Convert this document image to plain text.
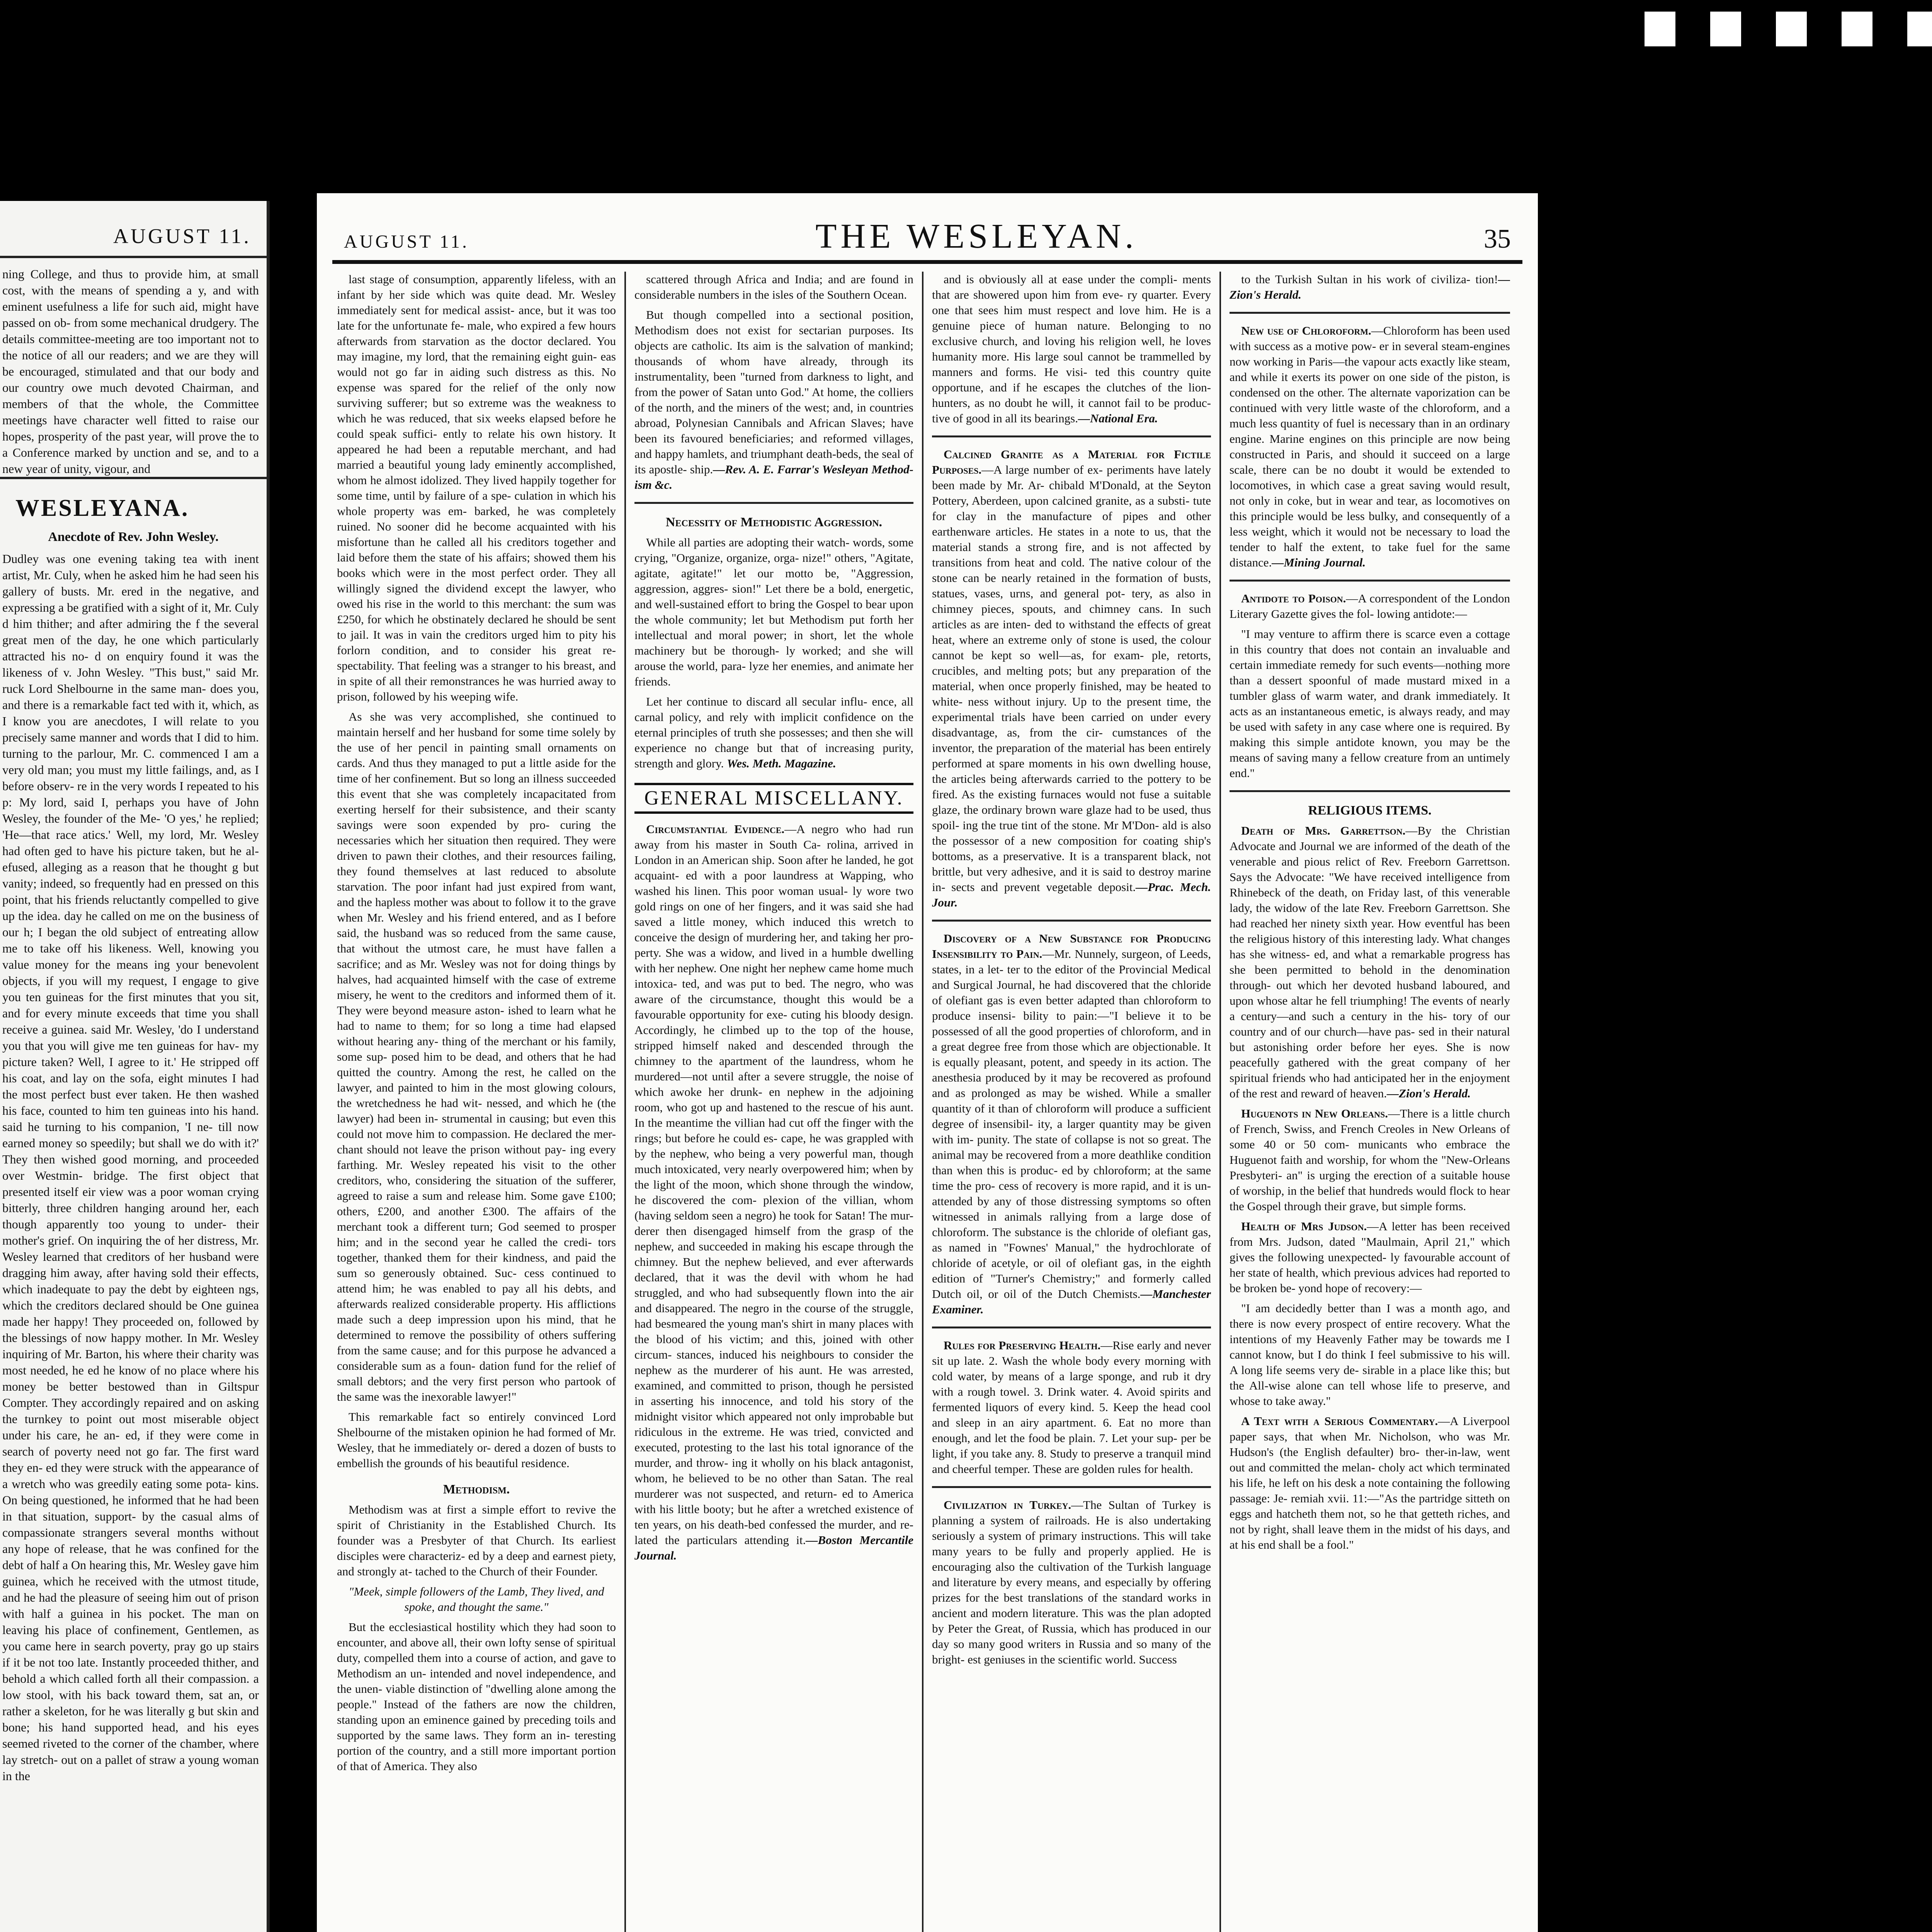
AUGUST 11.
ning College, and thus to provide him, at small cost, with the means of spending a y, and with eminent usefulness a life for such aid, might have passed on ob- from some mechanical drudgery. The details committee-meeting are too important not to the notice of all our readers; and we are they will be encouraged, stimulated and that our body and our country owe much devoted Chairman, and members of that the whole, the Committee meetings have character well fitted to raise our hopes, prosperity of the past year, will prove the to a Conference marked by unction and se, and to a new year of unity, vigour, and
WESLEYANA.
Anecdote of Rev. John Wesley.
Dudley was one evening taking tea with inent artist, Mr. Culy, when he asked him he had seen his gallery of busts. Mr. ered in the negative, and expressing a be gratified with a sight of it, Mr. Culy d him thither; and after admiring the f the several great men of the day, he one which particularly attracted his no- d on enquiry found it was the likeness of v. John Wesley. "This bust," said Mr. ruck Lord Shelbourne in the same man- does you, and there is a remarkable fact ted with it, which, as I know you are anecdotes, I will relate to you precisely same manner and words that I did to him. turning to the parlour, Mr. C. commenced I am a very old man; you must my little failings, and, as I before observ- re in the very words I repeated to his p: My lord, said I, perhaps you have of John Wesley, the founder of the Me- 'O yes,' he replied; 'He—that race atics.' Well, my lord, Mr. Wesley had often ged to have his picture taken, but he al- efused, alleging as a reason that he thought g but vanity; indeed, so frequently had en pressed on this point, that his friends reluctantly compelled to give up the idea. day he called on me on the business of our h; I began the old subject of entreating allow me to take off his likeness. Well, knowing you value money for the means ing your benevolent objects, if you will my request, I engage to give you ten guineas for the first minutes that you sit, and for every minute exceeds that time you shall receive a guinea. said Mr. Wesley, 'do I understand you that you will give me ten guineas for hav- my picture taken? Well, I agree to it.' He stripped off his coat, and lay on the sofa, eight minutes I had the most perfect bust ever taken. He then washed his face, counted to him ten guineas into his hand. said he turning to his companion, 'I ne- till now earned money so speedily; but shall we do with it?' They then wished good morning, and proceeded over Westmin- bridge. The first object that presented itself eir view was a poor woman crying bitterly, three children hanging around her, each though apparently too young to under- their mother's grief. On inquiring the of her distress, Mr. Wesley learned that creditors of her husband were dragging him away, after having sold their effects, which inadequate to pay the debt by eighteen ngs, which the creditors declared should be One guinea made her happy! They proceeded on, followed by the blessings of now happy mother. In Mr. Wesley inquiring of Mr. Barton, his where their charity was most needed, he ed he know of no place where his money be better bestowed than in Giltspur Compter. They accordingly repaired and on asking the turnkey to point out most miserable object under his care, he an- ed, if they were come in search of poverty need not go far. The first ward they en- ed they were struck with the appearance of a wretch who was greedily eating some pota- kins. On being questioned, he informed that he had been in that situation, support- by the casual alms of compassionate strangers several months without any hope of release, that he was confined for the debt of half a On hearing this, Mr. Wesley gave him guinea, which he received with the utmost titude, and he had the pleasure of seeing him out of prison with half a guinea in his pocket. The man on leaving his place of confinement, Gentlemen, as you came here in search poverty, pray go up stairs if it be not too late. Instantly proceeded thither, and behold a which called forth all their compassion. a low stool, with his back toward them, sat an, or rather a skeleton, for he was literally g but skin and bone; his hand supported head, and his eyes seemed riveted to the corner of the chamber, where lay stretch- out on a pallet of straw a young woman in the
AUGUST 11.	THE WESLEYAN.	35

last stage of consumption, apparently lifeless, with an infant by her side which was quite dead. Mr. Wesley immediately sent for medical assist- ance, but it was too late for the unfortunate fe- male, who expired a few hours afterwards from starvation as the doctor declared. You may imagine, my lord, that the remaining eight guin- eas would not go far in aiding such distress as this. No expense was spared for the relief of the only now surviving sufferer; but so extreme was the weakness to which he was reduced, that six weeks elapsed before he could speak suffici- ently to relate his own history. It appeared he had been a reputable merchant, and had married a beautiful young lady eminently accomplished, whom he almost idolized. They lived happily together for some time, until by failure of a spe- culation in which his whole property was em- barked, he was completely ruined. No sooner did he become acquainted with his misfortune than he called all his creditors together and laid before them the state of his affairs; showed them his books which were in the most perfect order. They all willingly signed the dividend except the lawyer, who owed his rise in the world to this merchant: the sum was £250, for which he obstinately declared he should be sent to jail. It was in vain the creditors urged him to pity his forlorn condition, and to consider his great re- spectability. That feeling was a stranger to his breast, and in spite of all their remonstrances he was hurried away to prison, followed by his weeping wife.

As she was very accomplished, she continued to maintain herself and her husband for some time solely by the use of her pencil in painting small ornaments on cards. And thus they managed to put a little aside for the time of her confinement. But so long an illness succeeded this event that she was completely incapacitated from exerting herself for their subsistence, and their scanty savings were soon expended by pro- curing the necessaries which her situation then required. They were driven to pawn their clothes, and their resources failing, they found themselves at last reduced to absolute starvation. The poor infant had just expired from want, and the hapless mother was about to follow it to the grave when Mr. Wesley and his friend entered, and as I before said, the husband was so reduced from the same cause, that without the utmost care, he must have fallen a sacrifice; and as Mr. Wesley was not for doing things by halves, had acquainted himself with the case of extreme misery, he went to the creditors and informed them of it. They were beyond measure aston- ished to learn what he had to name to them; for so long a time had elapsed without hearing any- thing of the merchant or his family, some sup- posed him to be dead, and others that he had quitted the country. Among the rest, he called on the lawyer, and painted to him in the most glowing colours, the wretchedness he had wit- nessed, and which he (the lawyer) had been in- strumental in causing; but even this could not move him to compassion. He declared the mer- chant should not leave the prison without pay- ing every farthing. Mr. Wesley repeated his visit to the other creditors, who, considering the situation of the sufferer, agreed to raise a sum and release him. Some gave £100; others, £200, and another £300. The affairs of the merchant took a different turn; God seemed to prosper him; and in the second year he called the credi- tors together, thanked them for their kindness, and paid the sum so generously obtained. Suc- cess continued to attend him; he was enabled to pay all his debts, and afterwards realized considerable property. His afflictions made such a deep impression upon his mind, that he determined to remove the possibility of others suffering from the same cause; and for this purpose he advanced a considerable sum as a foun- dation fund for the relief of small debtors; and the very first person who partook of the same was the inexorable lawyer!"

This remarkable fact so entirely convinced Lord Shelbourne of the mistaken opinion he had formed of Mr. Wesley, that he immediately or- dered a dozen of busts to embellish the grounds of his beautiful residence.

Methodism.

Methodism was at first a simple effort to revive the spirit of Christianity in the Established Church. Its founder was a Presbyter of that Church. Its earliest disciples were characteriz- ed by a deep and earnest piety, and strongly at- tached to the Church of their Founder.

"Meek, simple followers of the Lamb, They lived, and spoke, and thought the same."

But the ecclesiastical hostility which they had soon to encounter, and above all, their own lofty sense of spiritual duty, compelled them into a course of action, and gave to Methodism an un- intended and novel independence, and the unen- viable distinction of "dwelling alone among the people." Instead of the fathers are now the children, standing upon an eminence gained by preceding toils and supported by the same laws. They form an in- teresting portion of the country, and a still more important portion of that of America. They also

scattered through Africa and India; and are found in considerable numbers in the isles of the Southern Ocean.

But though compelled into a sectional position, Methodism does not exist for sectarian purposes. Its objects are catholic. Its aim is the salvation of mankind; thousands of whom have already, through its instrumentality, been "turned from darkness to light, and from the power of Satan unto God." At home, the colliers of the north, and the miners of the west; and, in countries abroad, Polynesian Cannibals and African Slaves; have been its favoured beneficiaries; and reformed villages, and happy hamlets, and triumphant death-beds, the seal of its apostle- ship.—Rev. A. E. Farrar's Wesleyan Method- ism &c.

Necessity of Methodistic Aggression.

While all parties are adopting their watch- words, some crying, "Organize, organize, orga- nize!" others, "Agitate, agitate, agitate!" let our motto be, "Aggression, aggression, aggres- sion!" Let there be a bold, energetic, and well-sustained effort to bring the Gospel to bear upon the whole community; let but Methodism put forth her intellectual and moral power; in short, let the whole machinery but be thorough- ly worked; and she will arouse the world, para- lyze her enemies, and animate her friends.

Let her continue to discard all secular influ- ence, all carnal policy, and rely with implicit confidence on the eternal principles of truth she possesses; and then she will experience no change but that of increasing purity, strength and glory. Wes. Meth. Magazine.

GENERAL MISCELLANY.

Circumstantial Evidence.—A negro who had run away from his master in South Ca- rolina, arrived in London in an American ship. Soon after he landed, he got acquaint- ed with a poor laundress at Wapping, who washed his linen. This poor woman usual- ly wore two gold rings on one of her fingers, and it was said she had saved a little money, which induced this wretch to conceive the design of murdering her, and taking her pro- perty. She was a widow, and lived in a humble dwelling with her nephew. One night her nephew came home much intoxica- ted, and was put to bed. The negro, who was aware of the circumstance, thought this would be a favourable opportunity for exe- cuting his bloody design. Accordingly, he climbed up to the top of the house, stripped himself naked and descended through the chimney to the apartment of the laundress, whom he murdered—not until after a severe struggle, the noise of which awoke her drunk- en nephew in the adjoining room, who got up and hastened to the rescue of his aunt. In the meantime the villian had cut off the finger with the rings; but before he could es- cape, he was grappled with by the nephew, who being a very powerful man, though much intoxicated, very nearly overpowered him; when by the light of the moon, which shone through the window, he discovered the com- plexion of the villian, whom (having seldom seen a negro) he took for Satan! The mur- derer then disengaged himself from the grasp of the nephew, and succeeded in making his escape through the chimney. But the nephew believed, and ever afterwards declared, that it was the devil with whom he had struggled, and who had subsequently flown into the air and disappeared. The negro in the course of the struggle, had besmeared the young man's shirt in many places with the blood of his victim; and this, joined with other circum- stances, induced his neighbours to consider the nephew as the murderer of his aunt. He was arrested, examined, and committed to prison, though he persisted in asserting his innocence, and told his story of the midnight visitor which appeared not only improbable but ridiculous in the extreme. He was tried, convicted and executed, protesting to the last his total ignorance of the murder, and throw- ing it wholly on his black antagonist, whom, he believed to be no other than Satan. The real murderer was not suspected, and return- ed to America with his little booty; but he after a wretched existence of ten years, on his death-bed confessed the murder, and re- lated the particulars attending it.—Boston Mercantile Journal.

and is obviously all at ease under the compli- ments that are showered upon him from eve- ry quarter. Every one that sees him must respect and love him. He is a genuine piece of human nature. Belonging to no exclusive church, and loving his religion well, he loves humanity more. His large soul cannot be trammelled by manners and forms. He visi- ted this country quite opportune, and if he escapes the clutches of the lion-hunters, as no doubt he will, it cannot fail to be produc- tive of good in all its bearings.—National Era.

Calcined Granite as a Material for Fictile Purposes.—A large number of ex- periments have lately been made by Mr. Ar- chibald M'Donald, at the Seyton Pottery, Aberdeen, upon calcined granite, as a substi- tute for clay in the manufacture of pipes and other earthenware articles. He states in a note to us, that the material stands a strong fire, and is not affected by transitions from heat and cold. The native colour of the stone can be nearly retained in the formation of busts, statues, vases, urns, and general pot- tery, as also in chimney pieces, spouts, and chimney cans. In such articles as are inten- ded to withstand the effects of great heat, where an extreme only of stone is used, the colour cannot be kept so well—as, for exam- ple, retorts, crucibles, and melting pots; but any preparation of the material, when once properly finished, may be heated to white- ness without injury. Up to the present time, the experimental trials have been carried on under every disadvantage, as, from the cir- cumstances of the inventor, the preparation of the material has been entirely performed at spare moments in his own dwelling house, the articles being afterwards carried to the pottery to be fired. As the existing furnaces would not fuse a suitable glaze, the ordinary brown ware glaze had to be used, thus spoil- ing the true tint of the stone. Mr M'Don- ald is also the possessor of a new composition for coating ship's bottoms, as a preservative. It is a transparent black, not brittle, but very adhesive, and it is said to destroy marine in- sects and prevent vegetable deposit.—Prac. Mech. Jour.

Discovery of a New Substance for Producing Insensibility to Pain.—Mr. Nunnely, surgeon, of Leeds, states, in a let- ter to the editor of the Provincial Medical and Surgical Journal, he had discovered that the chloride of olefiant gas is even better adapted than chloroform to produce insensi- bility to pain:—"I believe it to be possessed of all the good properties of chloroform, and in a great degree free from those which are objectionable. It is equally pleasant, potent, and speedy in its action. The anesthesia produced by it may be recovered as profound and as prolonged as may be wished. While a smaller quantity of it than of chloroform will produce a sufficient degree of insensibil- ity, a larger quantity may be given with im- punity. The state of collapse is not so great. The animal may be recovered from a more deathlike condition than when this is produc- ed by chloroform; at the same time the pro- cess of recovery is more rapid, and it is un- attended by any of those distressing symptoms so often witnessed in animals rallying from a large dose of chloroform. The substance is the chloride of olefiant gas, as named in "Fownes' Manual," the hydrochlorate of chloride of acetyle, or oil of olefiant gas, in the eighth edition of "Turner's Chemistry;" and formerly called Dutch oil, or oil of the Dutch Chemists.—Manchester Examiner.

Rules for Preserving Health.—Rise early and never sit up late. 2. Wash the whole body every morning with cold water, by means of a large sponge, and rub it dry with a rough towel. 3. Drink water. 4. Avoid spirits and fermented liquors of every kind. 5. Keep the head cool and sleep in an airy apartment. 6. Eat no more than enough, and let the food be plain. 7. Let your sup- per be light, if you take any. 8. Study to preserve a tranquil mind and cheerful temper. These are golden rules for health.

Civilization in Turkey.—The Sultan of Turkey is planning a system of railroads. He is also undertaking seriously a system of primary instructions. This will take many years to be fully and properly applied. He is encouraging also the cultivation of the Turkish language and literature by every means, and especially by offering prizes for the best translations of the standard works in ancient and modern literature. This was the plan adopted by Peter the Great, of Russia, which has produced in our day so many good writers in Russia and so many of the bright- est geniuses in the scientific world. Success

to the Turkish Sultan in his work of civiliza- tion!—Zion's Herald.

New use of Chloroform.—Chloroform has been used with success as a motive pow- er in several steam-engines now working in Paris—the vapour acts exactly like steam, and while it exerts its power on one side of the piston, is condensed on the other. The alternate vaporization can be continued with very little waste of the chloroform, and a much less quantity of fuel is necessary than in an ordinary engine. Marine engines on this principle are now being constructed in Paris, and should it succeed on a large scale, there can be no doubt it would be extended to locomotives, in which case a great saving would result, not only in coke, but in wear and tear, as locomotives on this principle would be less bulky, and consequently of a less weight, which it would not be necessary to load the tender to half the extent, to take fuel for the same distance.—Mining Journal.

Antidote to Poison.—A correspondent of the London Literary Gazette gives the fol- lowing antidote:—

"I may venture to affirm there is scarce even a cottage in this country that does not contain an invaluable and certain immediate remedy for such events—nothing more than a dessert spoonful of made mustard mixed in a tumbler glass of warm water, and drank immediately. It acts as an instantaneous emetic, is always ready, and may be used with safety in any case where one is required. By making this simple antidote known, you may be the means of saving many a fellow creature from an untimely end."

RELIGIOUS ITEMS.

Death of Mrs. Garrettson.—By the Christian Advocate and Journal we are informed of the death of the venerable and pious relict of Rev. Freeborn Garrettson. Says the Advocate: "We have received intelligence from Rhinebeck of the death, on Friday last, of this venerable lady, the widow of the late Rev. Freeborn Garrettson. She had reached her ninety sixth year. How eventful has been the religious history of this interesting lady. What changes has she witness- ed, and what a remarkable progress has she been permitted to behold in the denomination through- out which her devoted husband laboured, and upon whose altar he fell triumphing! The events of nearly a century—and such a century in the his- tory of our country and of our church—have pas- sed in their natural but astonishing order before her eyes. She is now peacefully gathered with the great company of her spiritual friends who had anticipated her in the enjoyment of the rest and reward of heaven.—Zion's Herald.

Huguenots in New Orleans.—There is a little church of French, Swiss, and French Creoles in New Orleans of some 40 or 50 com- municants who embrace the Huguenot faith and worship, for whom the "New-Orleans Presbyteri- an" is urging the erection of a suitable house of worship, in the belief that hundreds would flock to hear the Gospel through their grave, but simple forms.

Health of Mrs Judson.—A letter has been received from Mrs. Judson, dated "Maulmain, April 21," which gives the following unexpected- ly favourable account of her state of health, which previous advices had reported to be broken be- yond hope of recovery:—

"I am decidedly better than I was a month ago, and there is now every prospect of entire recovery. What the intentions of my Heavenly Father may be towards me I cannot know, but I do think I feel submissive to his will. A long life seems very de- sirable in a place like this; but the All-wise alone can tell whose life to preserve, and whose to take away."

A Text with a Serious Commentary.—A Liverpool paper says, that when Mr. Nicholson, who was Mr. Hudson's (the English defaulter) bro- ther-in-law, went out and committed the melan- choly act which terminated his life, he left on his desk a note containing the following passage: Je- remiah xvii. 11:—"As the partridge sitteth on eggs and hatcheth them not, so he that getteth riches, and not by right, shall leave them in the midst of his days, and at his end shall be a fool."
